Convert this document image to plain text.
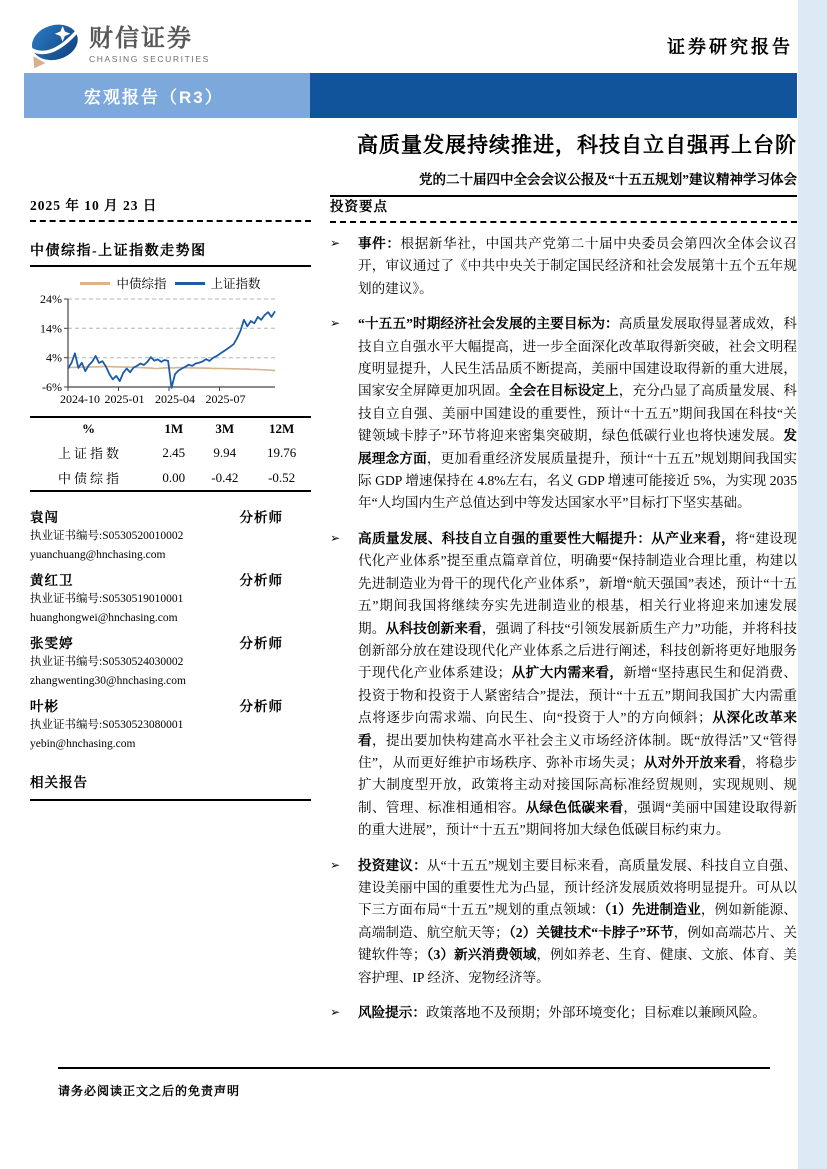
财信证券
CHASING SECURITIES
证券研究报告
宏观报告（R3）
高质量发展持续推进，科技自立自强再上台阶
党的二十届四中全会会议公报及“十五五规划”建议精神学习体会
投资要点
➢	事件：根据新华社，中国共产党第二十届中央委员会第四次全体会议召开，审议通过了《中共中央关于制定国民经济和社会发展第十五个五年规划的建议》。

➢	“十五五”时期经济社会发展的主要目标为：高质量发展取得显著成效，科技自立自强水平大幅提高，进一步全面深化改革取得新突破，社会文明程度明显提升，人民生活品质不断提高，美丽中国建设取得新的重大进展，国家安全屏障更加巩固。全会在目标设定上，充分凸显了高质量发展、科技自立自强、美丽中国建设的重要性，预计“十五五”期间我国在科技“关键领域卡脖子”环节将迎来密集突破期，绿色低碳行业也将快速发展。发展理念方面，更加看重经济发展质量提升，预计“十五五”规划期间我国实际 GDP 增速保持在 4.8%左右，名义 GDP 增速可能接近 5%，为实现 2035 年“人均国内生产总值达到中等发达国家水平”目标打下坚实基础。

➢	高质量发展、科技自立自强的重要性大幅提升：从产业来看，将“建设现代化产业体系”提至重点篇章首位，明确要“保持制造业合理比重，构建以先进制造业为骨干的现代化产业体系”，新增“航天强国”表述，预计“十五五”期间我国将继续夯实先进制造业的根基，相关行业将迎来加速发展期。从科技创新来看，强调了科技“引领发展新质生产力”功能，并将科技创新部分放在建设现代化产业体系之后进行阐述，科技创新将更好地服务于现代化产业体系建设；从扩大内需来看，新增“坚持惠民生和促消费、投资于物和投资于人紧密结合”提法，预计“十五五”期间我国扩大内需重点将逐步向需求端、向民生、向“投资于人”的方向倾斜；从深化改革来看，提出要加快构建高水平社会主义市场经济体制。既“放得活”又“管得住”，从而更好维护市场秩序、弥补市场失灵；从对外开放来看，将稳步扩大制度型开放，政策将主动对接国际高标准经贸规则，实现规则、规制、管理、标准相通相容。从绿色低碳来看，强调“美丽中国建设取得新的重大进展”，预计“十五五”期间将加大绿色低碳目标约束力。

➢	投资建议：从“十五五”规划主要目标来看，高质量发展、科技自立自强、建设美丽中国的重要性尤为凸显，预计经济发展质效将明显提升。可从以下三方面布局“十五五”规划的重点领域：（1）先进制造业，例如新能源、高端制造、航空航天等；（2）关键技术“卡脖子”环节，例如高端芯片、关键软件等；（3）新兴消费领域，例如养老、生育、健康、文旅、体育、美容护理、IP 经济、宠物经济等。

➢	风险提示：政策落地不及预期；外部环境变化；目标难以兼顾风险。

2025 年 10 月 23 日
中债综指-上证指数走势图
中债综指	上证指数
24%
14%
4%
-6%
2024-10 2025-01 2025-04 2025-07
%	1M	3M	12M
上证指数	2.45	9.94	19.76
中债综指	0.00	-0.42	-0.52
袁闯	分析师
执业证书编号:S0530520010002
yuanchuang@hnchasing.com
黄红卫	分析师
执业证书编号:S0530519010001
huanghongwei@hnchasing.com
张雯婷	分析师
执业证书编号:S0530524030002
zhangwenting30@hnchasing.com
叶彬	分析师
执业证书编号:S0530523080001
yebin@hnchasing.com
相关报告
请务必阅读正文之后的免责声明
